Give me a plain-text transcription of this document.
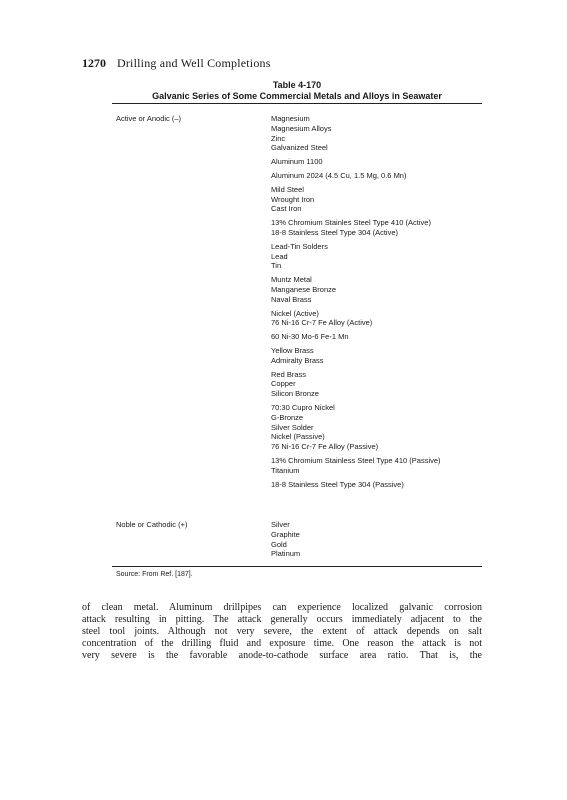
1270 Drilling and Well Completions
Table 4-170
Galvanic Series of Some Commercial Metals and Alloys in Seawater
Active or Anodic (–)	Magnesium
Magnesium Alloys
Zinc
Galvanized Steel
Aluminum 1100
Aluminum 2024 (4.5 Cu, 1.5 Mg, 0.6 Mn)
Mild Steel
Wrought Iron
Cast Iron
13% Chromium Stainles Steel Type 410 (Active)
18-8 Stainless Steel Type 304 (Active)
Lead-Tin Solders
Lead
Tin
Muntz Metal
Manganese Bronze
Naval Brass
Nickel (Active)
76 Ni-16 Cr-7 Fe Alloy (Active)
60 Ni-30 Mo-6 Fe-1 Mn
Yellow Brass
Admiralty Brass
Red Brass
Copper
Silicon Bronze
70:30 Cupro Nickel
G-Bronze
Silver Solder
Nickel (Passive)
76 Ni-16 Cr-7 Fe Alloy (Passive)
13% Chromium Stainless Steel Type 410 (Passive)
Titanium
18-8 Stainless Steel Type 304 (Passive)
Noble or Cathodic (+)	Silver
Graphite
Gold
Platinum
Source: From Ref. [187].
of clean metal. Aluminum drillpipes can experience localized galvanic corrosion
attack resulting in pitting. The attack generally occurs immediately adjacent to the
steel tool joints. Although not very severe, the extent of attack depends on salt
concentration of the drilling fluid and exposure time. One reason the attack is not
very severe is the favorable anode-to-cathode surface area ratio. That is, the
